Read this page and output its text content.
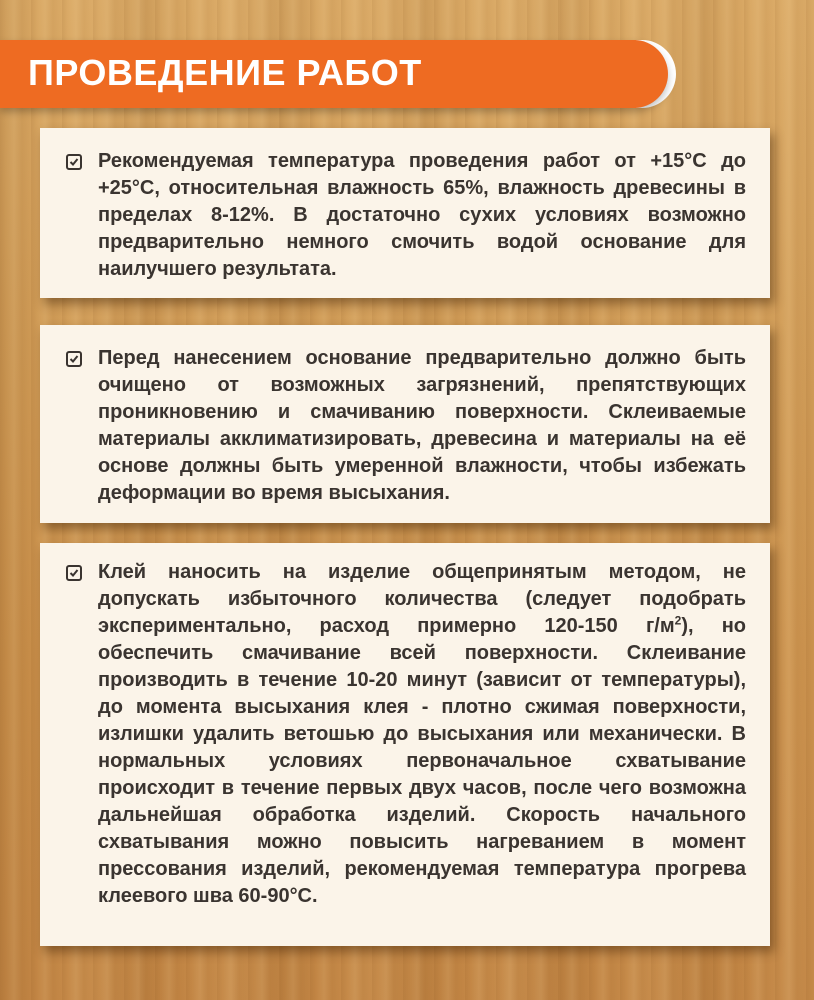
ПРОВЕДЕНИЕ РАБОТ
Рекомендуемая температура проведения работ от +15°С до +25°С, относительная влажность 65%, влажность древесины в пределах 8-12%. В достаточно сухих условиях возможно предварительно немного смочить водой основание для наилучшего результата.
Перед нанесением основание предварительно должно быть очищено от возможных загрязнений, препятствующих проникновению и смачиванию поверхности. Склеиваемые материалы акклиматизировать, древесина и материалы на её основе должны быть умеренной влажности, чтобы избежать деформации во время высыхания.
Клей наносить на изделие общепринятым методом, не допускать избыточного количества (следует подобрать экспериментально, расход примерно 120-150 $г/м^2$), но обеспечить смачивание всей поверхности. Склеивание производить в течение 10-20 минут (зависит от температуры), до момента высыхания клея - плотно сжимая поверхности, излишки удалить ветошью до высыхания или механически. В нормальных условиях первоначальное схватывание происходит в течение первых двух часов, после чего возможна дальнейшая обработка изделий. Скорость начального схватывания можно повысить нагреванием в момент прессования изделий, рекомендуемая температура прогрева клеевого шва 60-90°С.
